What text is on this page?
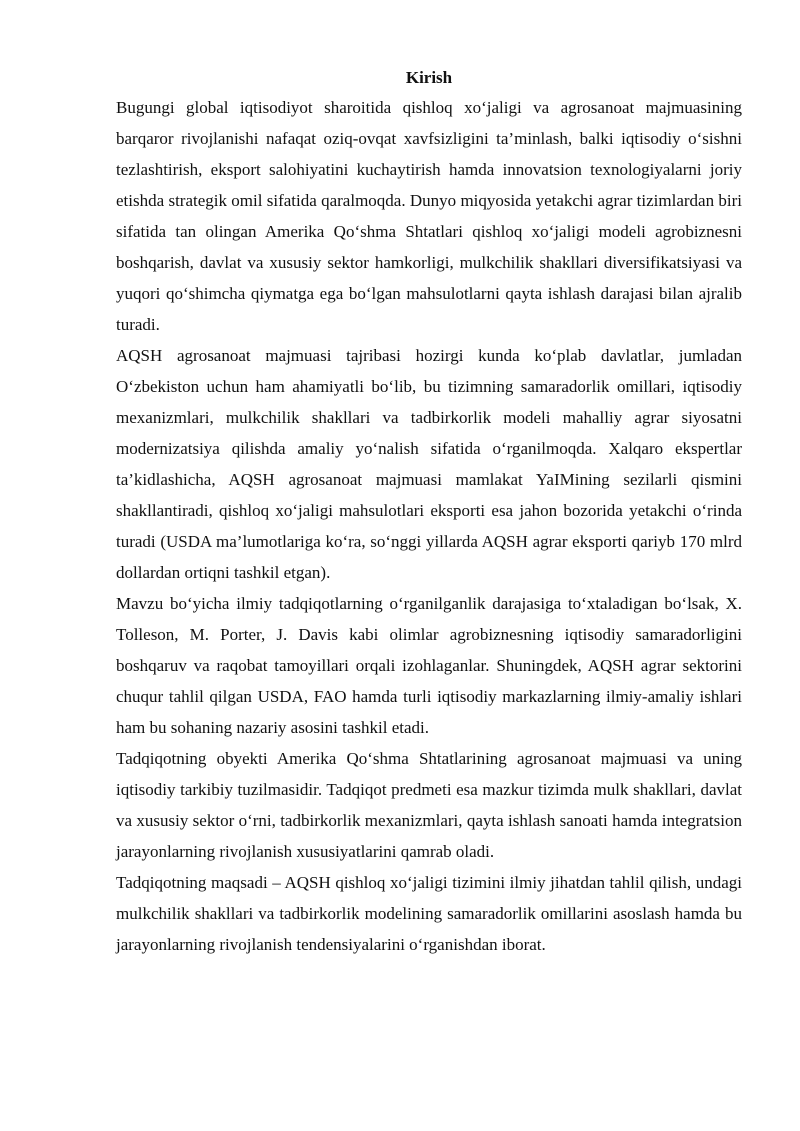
Kirish

Bugungi global iqtisodiyot sharoitida qishloq xo‘jaligi va agrosanoat majmuasining barqaror rivojlanishi nafaqat oziq-ovqat xavfsizligini ta’minlash, balki iqtisodiy o‘sishni tezlashtirish, eksport salohiyatini kuchaytirish hamda innovatsion texnologiyalarni joriy etishda strategik omil sifatida qaralmoqda. Dunyo miqyosida yetakchi agrar tizimlardan biri sifatida tan olingan Amerika Qo‘shma Shtatlari qishloq xo‘jaligi modeli agrobiznesni boshqarish, davlat va xususiy sektor hamkorligi, mulkchilik shakllari diversifikatsiyasi va yuqori qo‘shimcha qiymatga ega bo‘lgan mahsulotlarni qayta ishlash darajasi bilan ajralib turadi.

AQSH agrosanoat majmuasi tajribasi hozirgi kunda ko‘plab davlatlar, jumladan O‘zbekiston uchun ham ahamiyatli bo‘lib, bu tizimning samaradorlik omillari, iqtisodiy mexanizmlari, mulkchilik shakllari va tadbirkorlik modeli mahalliy agrar siyosatni modernizatsiya qilishda amaliy yo‘nalish sifatida o‘rganilmoqda. Xalqaro ekspertlar ta’kidlashicha, AQSH agrosanoat majmuasi mamlakat YaIMining sezilarli qismini shakllantiradi, qishloq xo‘jaligi mahsulotlari eksporti esa jahon bozorida yetakchi o‘rinda turadi (USDA ma’lumotlariga ko‘ra, so‘nggi yillarda AQSH agrar eksporti qariyb 170 mlrd dollardan ortiqni tashkil etgan).

Mavzu bo‘yicha ilmiy tadqiqotlarning o‘rganilganlik darajasiga to‘xtaladigan bo‘lsak, X. Tolleson, M. Porter, J. Davis kabi olimlar agrobiznesning iqtisodiy samaradorligini boshqaruv va raqobat tamoyillari orqali izohlaganlar. Shuningdek, AQSH agrar sektorini chuqur tahlil qilgan USDA, FAO hamda turli iqtisodiy markazlarning ilmiy-amaliy ishlari ham bu sohaning nazariy asosini tashkil etadi.

Tadqiqotning obyekti Amerika Qo‘shma Shtatlarining agrosanoat majmuasi va uning iqtisodiy tarkibiy tuzilmasidir. Tadqiqot predmeti esa mazkur tizimda mulk shakllari, davlat va xususiy sektor o‘rni, tadbirkorlik mexanizmlari, qayta ishlash sanoati hamda integratsion jarayonlarning rivojlanish xususiyatlarini qamrab oladi.

Tadqiqotning maqsadi – AQSH qishloq xo‘jaligi tizimini ilmiy jihatdan tahlil qilish, undagi mulkchilik shakllari va tadbirkorlik modelining samaradorlik omillarini asoslash hamda bu jarayonlarning rivojlanish tendensiyalarini o‘rganishdan iborat.
